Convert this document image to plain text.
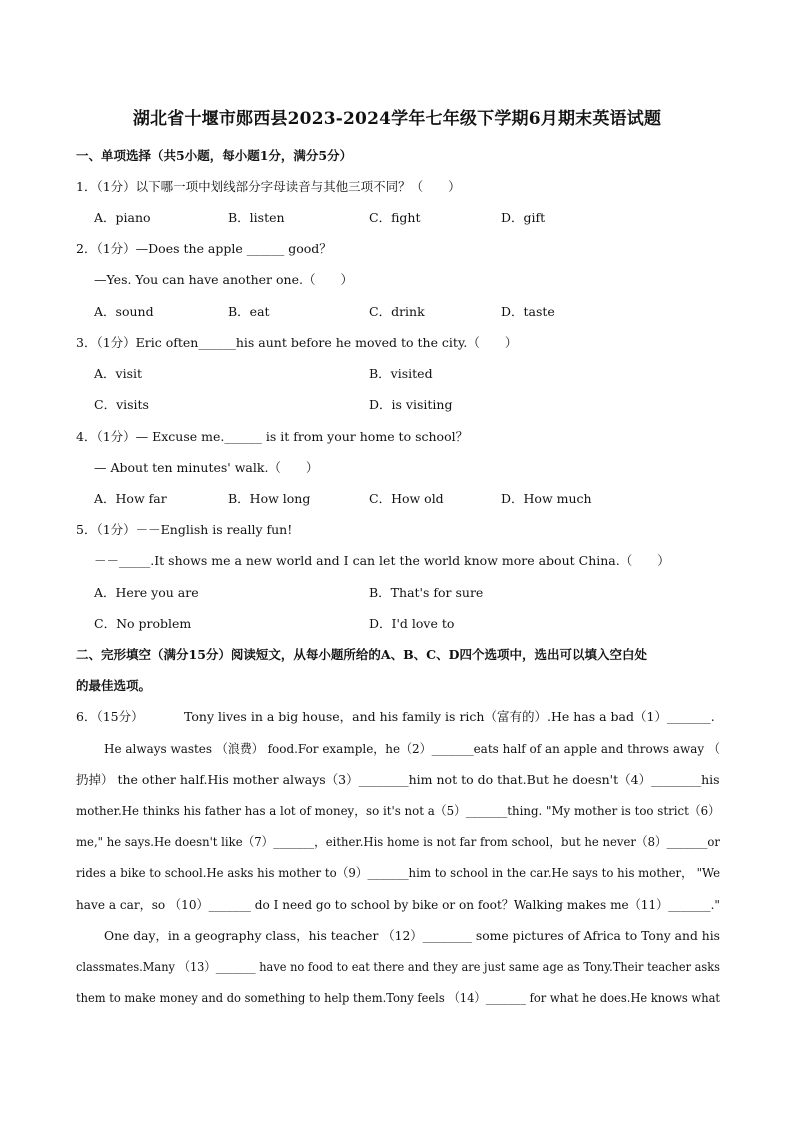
湖北省十堰市郧西县2023-2024学年七年级下学期6月期末英语试题
一、单项选择（共5小题，每小题1分，满分5分）
1．（1分）以下哪一项中划线部分字母读音与其他三项不同？（　　）
A．piano	B．listen	C．fight	D．gift
2．（1分）—Does the apple ______ good？
—Yes. You can have another one.（　　）
A．sound	B．eat	C．drink	D．taste
3．（1分）Eric often______his aunt before he moved to the city.（　　）
A．visit	B．visited
C．visits	D．is visiting
4．（1分）— Excuse me.______ is it from your home to school？
— About ten minutes' walk.（　　）
A．How far	B．How long	C．How old	D．How much
5．（1分）－－English is really fun!
－－_____.It shows me a new world and I can let the world know more about China.（　　）
A．Here you are	B．That's for sure
C．No problem	D．I'd love to
二、完形填空（满分15分）阅读短文，从每小题所给的A、B、C、D四个选项中，选出可以填入空白处
的最佳选项。
6．（15分）	Tony lives in a big house，and his family is rich（富有的）.He has a bad（1）_______.
He always wastes （浪费） food.For example，he（2）_______eats half of an apple and throws away （
扔掉） the other half.His mother always（3）________him not to do that.But he doesn't（4）________his
mother.He thinks his father has a lot of money，so it's not a（5）_______thing. "My mother is too strict（6）
me," he says.He doesn't like（7）_______，either.His home is not far from school，but he never（8）_______or
rides a bike to school.He asks his mother to（9）_______him to school in the car.He says to his mother， "We
have a car，so （10）_______ do I need go to school by bike or on foot？Walking makes me（11）_______."
One day，in a geography class，his teacher （12）________ some pictures of Africa to Tony and his
classmates.Many （13）_______ have no food to eat there and they are just same age as Tony.Their teacher asks
them to make money and do something to help them.Tony feels （14）_______ for what he does.He knows what
